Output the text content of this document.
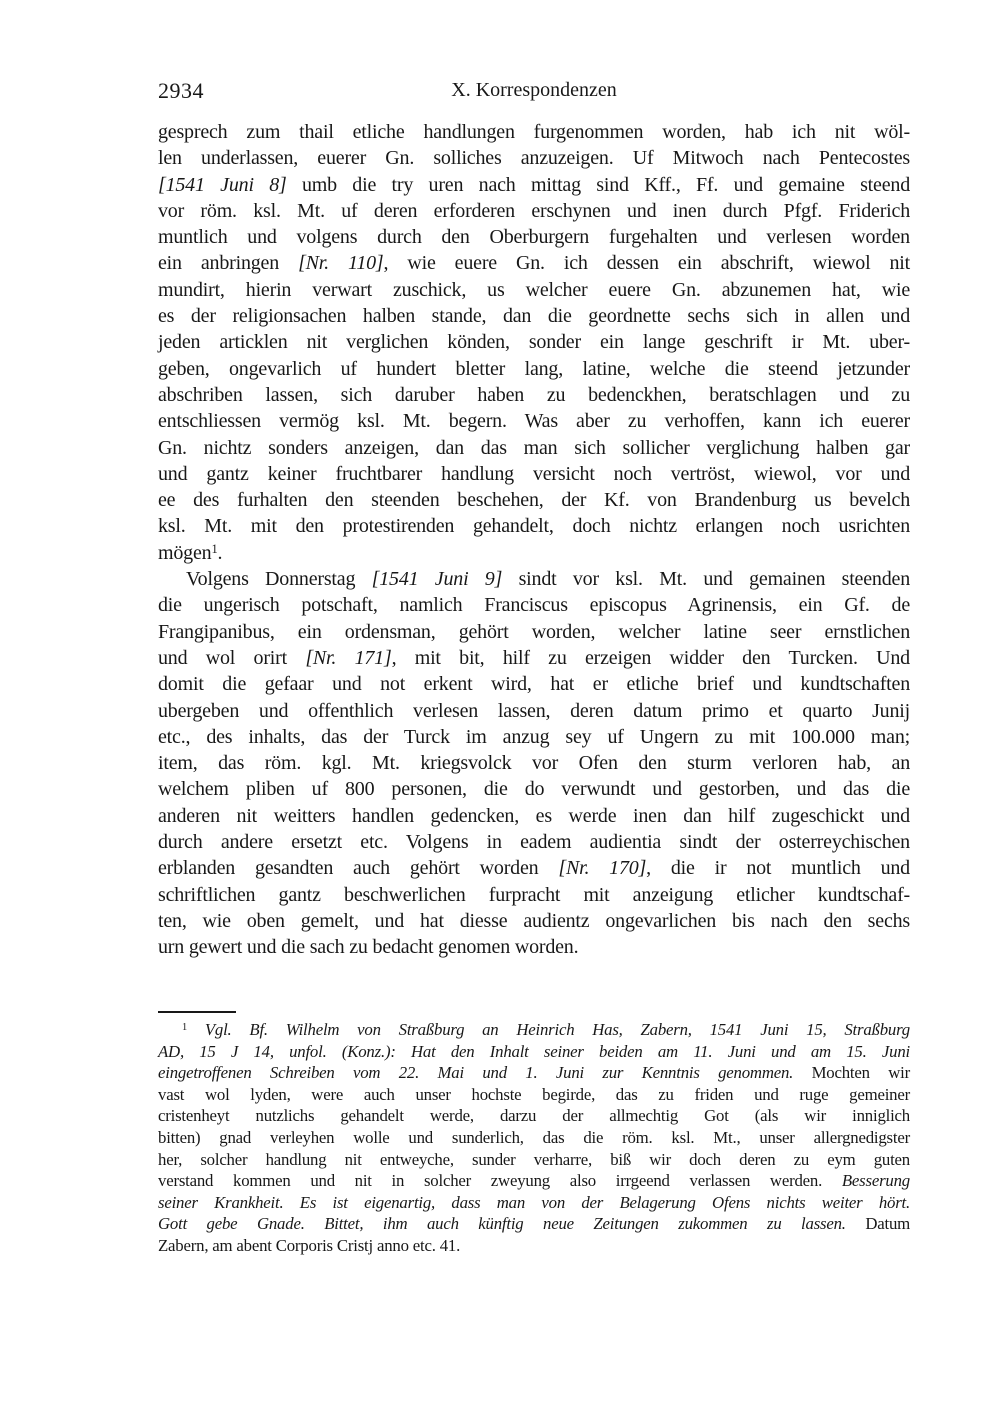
2934	X. Korrespondenzen
gesprech zum thail etliche handlungen furgenommen worden, hab ich nit wöl-
len underlassen, euerer Gn. solliches anzuzeigen. Uf Mitwoch nach Pentecostes
[1541 Juni 8] umb die try uren nach mittag sind Kff., Ff. und gemaine steend
vor röm. ksl. Mt. uf deren erforderen erschynen und inen durch Pfgf. Friderich
muntlich und volgens durch den Oberburgern furgehalten und verlesen worden
ein anbringen [Nr. 110], wie euere Gn. ich dessen ein abschrift, wiewol nit
mundirt, hierin verwart zuschick, us welcher euere Gn. abzunemen hat, wie
es der religionsachen halben stande, dan die geordnette sechs sich in allen und
jeden articklen nit verglichen könden, sonder ein lange geschrift ir Mt. uber-
geben, ongevarlich uf hundert bletter lang, latine, welche die steend jetzunder
abschriben lassen, sich daruber haben zu bedenckhen, beratschlagen und zu
entschliessen vermög ksl. Mt. begern. Was aber zu verhoffen, kann ich euerer
Gn. nichtz sonders anzeigen, dan das man sich sollicher verglichung halben gar
und gantz keiner fruchtbarer handlung versicht noch vertröst, wiewol, vor und
ee des furhalten den steenden beschehen, der Kf. von Brandenburg us bevelch
ksl. Mt. mit den protestirenden gehandelt, doch nichtz erlangen noch usrichten
mögen$^1$.
Volgens Donnerstag [1541 Juni 9] sindt vor ksl. Mt. und gemainen steenden
die ungerisch potschaft, namlich Franciscus episcopus Agrinensis, ein Gf. de
Frangipanibus, ein ordensman, gehört worden, welcher latine seer ernstlichen
und wol orirt [Nr. 171], mit bit, hilf zu erzeigen widder den Turcken. Und
domit die gefaar und not erkent wird, hat er etliche brief und kundtschaften
ubergeben und offenthlich verlesen lassen, deren datum primo et quarto Junij
etc., des inhalts, das der Turck im anzug sey uf Ungern zu mit 100.000 man;
item, das röm. kgl. Mt. kriegsvolck vor Ofen den sturm verloren hab, an
welchem pliben uf 800 personen, die do verwundt und gestorben, und das die
anderen nit weitters handlen gedencken, es werde inen dan hilf zugeschickt und
durch andere ersetzt etc. Volgens in eadem audientia sindt der osterreychischen
erblanden gesandten auch gehört worden [Nr. 170], die ir not muntlich und
schriftlichen gantz beschwerlichen furpracht mit anzeigung etlicher kundtschaf-
ten, wie oben gemelt, und hat diesse audientz ongevarlichen bis nach den sechs
urn gewert und die sach zu bedacht genomen worden.
$^1$ Vgl. Bf. Wilhelm von Straßburg an Heinrich Has, Zabern, 1541 Juni 15, Straßburg
AD, 15 J 14, unfol. (Konz.): Hat den Inhalt seiner beiden am 11. Juni und am 15. Juni
eingetroffenen Schreiben vom 22. Mai und 1. Juni zur Kenntnis genommen. Mochten wir
vast wol lyden, were auch unser hochste begirde, das zu friden und ruge gemeiner
cristenheyt nutzlichs gehandelt werde, darzu der allmechtig Got (als wir inniglich
bitten) gnad verleyhen wolle und sunderlich, das die röm. ksl. Mt., unser allergnedigster
her, solcher handlung nit entweyche, sunder verharre, biß wir doch deren zu eym guten
verstand kommen und nit in solcher zweyung also irrgeend verlassen werden. Besserung
seiner Krankheit. Es ist eigenartig, dass man von der Belagerung Ofens nichts weiter hört.
Gott gebe Gnade. Bittet, ihm auch künftig neue Zeitungen zukommen zu lassen. Datum
Zabern, am abent Corporis Cristj anno etc. 41.
